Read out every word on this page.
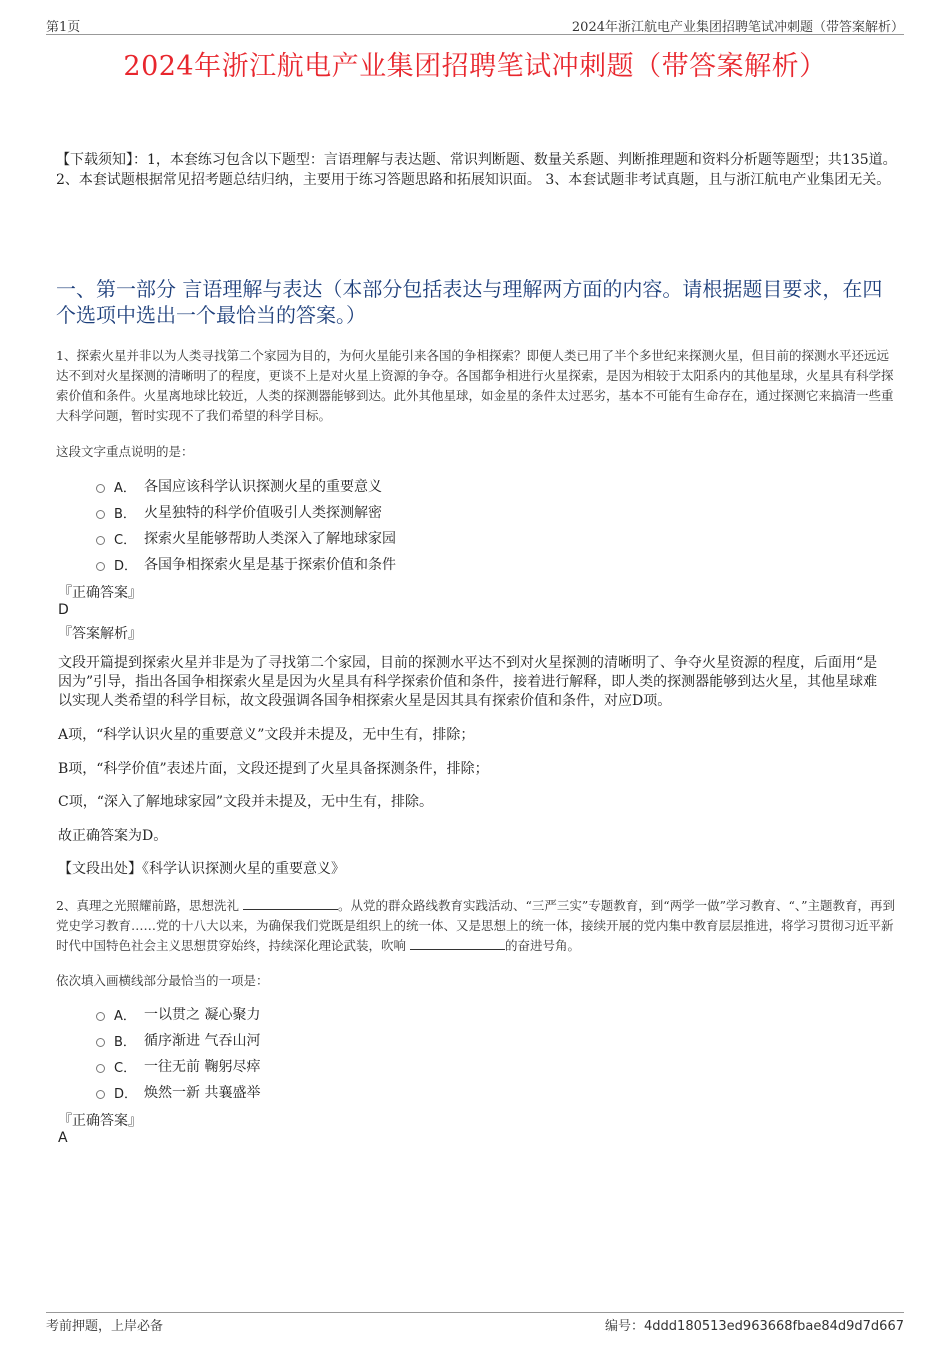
第1页	2024年浙江航电产业集团招聘笔试冲刺题（带答案解析）
2024年浙江航电产业集团招聘笔试冲刺题（带答案解析）
【下载须知】：1，本套练习包含以下题型：言语理解与表达题、常识判断题、数量关系题、判断推理题和资料分析题等题型；共135道。 2、本套试题根据常见招考题总结归纳，主要用于练习答题思路和拓展知识面。 3、本套试题非考试真题，且与浙江航电产业集团无关。
一、第一部分 言语理解与表达（本部分包括表达与理解两方面的内容。请根据题目要求，在四个选项中选出一个最恰当的答案。）
1、探索火星并非以为人类寻找第二个家园为目的，为何火星能引来各国的争相探索？即便人类已用了半个多世纪来探测火星，但目前的探测水平还远远达不到对火星探测的清晰明了的程度，更谈不上是对火星上资源的争夺。各国都争相进行火星探索，是因为相较于太阳系内的其他星球，火星具有科学探索价值和条件。火星离地球比较近，人类的探测器能够到达。此外其他星球，如金星的条件太过恶劣，基本不可能有生命存在，通过探测它来搞清一些重大科学问题，暂时实现不了我们希望的科学目标。
这段文字重点说明的是：
A． 各国应该科学认识探测火星的重要意义
B． 火星独特的科学价值吸引人类探测解密
C． 探索火星能够帮助人类深入了解地球家园
D． 各国争相探索火星是基于探索价值和条件
『正确答案』
D
『答案解析』
文段开篇提到探索火星并非是为了寻找第二个家园，目前的探测水平达不到对火星探测的清晰明了、争夺火星资源的程度，后面用“是因为”引导，指出各国争相探索火星是因为火星具有科学探索价值和条件，接着进行解释，即人类的探测器能够到达火星，其他星球难以实现人类希望的科学目标，故文段强调各国争相探索火星是因其具有探索价值和条件，对应D项。
A项，“科学认识火星的重要意义”文段并未提及，无中生有，排除；
B项，“科学价值”表述片面，文段还提到了火星具备探测条件，排除；
C项，“深入了解地球家园”文段并未提及，无中生有，排除。
故正确答案为D。
【文段出处】《科学认识探测火星的重要意义》
2、真理之光照耀前路，思想洗礼	。从党的群众路线教育实践活动、“三严三实”专题教育，到“两学一做”学习教育、“、”主题教育，再到党史学习教育……党的十八大以来，为确保我们党既是组织上的统一体、又是思想上的统一体，接续开展的党内集中教育层层推进，将学习贯彻习近平新时代中国特色社会主义思想贯穿始终，持续深化理论武装，吹响	的奋进号角。
依次填入画横线部分最恰当的一项是：
A． 一以贯之 凝心聚力
B． 循序渐进 气吞山河
C． 一往无前 鞠躬尽瘁
D． 焕然一新 共襄盛举
『正确答案』
A
考前押题，上岸必备	编号：4ddd180513ed963668fbae84d9d7d667
